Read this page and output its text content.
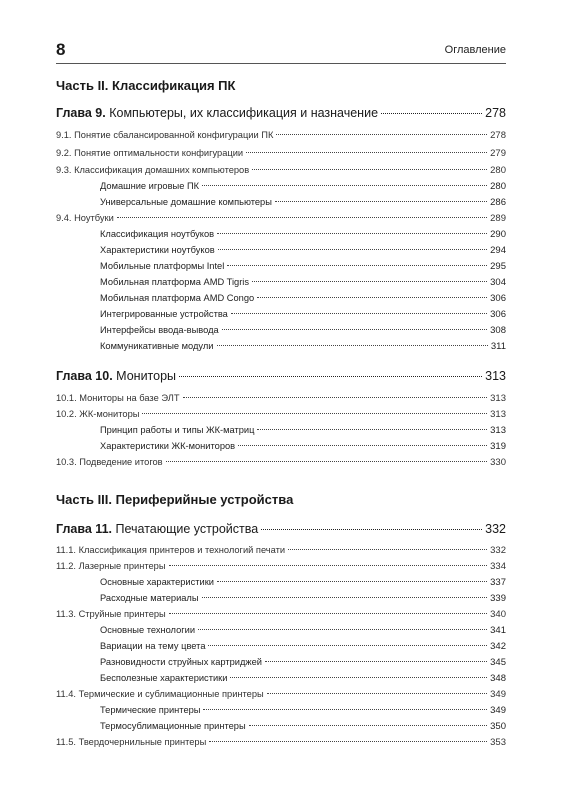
8	Оглавление
Часть II. Классификация ПК
Глава 9. Компьютеры, их классификация и назначение	278
9.1. Понятие сбалансированной конфигурации ПК	278
9.2. Понятие оптимальности конфигурации	279
9.3. Классификация домашних компьютеров	280
Домашние игровые ПК	280
Универсальные домашние компьютеры	286
9.4. Ноутбуки	289
Классификация ноутбуков	290
Характеристики ноутбуков	294
Мобильные платформы Intel	295
Мобильная платформа AMD Tigris	304
Мобильная платформа AMD Congo	306
Интегрированные устройства	306
Интерфейсы ввода-вывода	308
Коммуникативные модули	311
Глава 10. Мониторы	313
10.1. Мониторы на базе ЭЛТ	313
10.2. ЖК-мониторы	313
Принцип работы и типы ЖК-матриц	313
Характеристики ЖК-мониторов	319
10.3. Подведение итогов	330
Часть III. Периферийные устройства
Глава 11. Печатающие устройства	332
11.1. Классификация принтеров и технологий печати	332
11.2. Лазерные принтеры	334
Основные характеристики	337
Расходные материалы	339
11.3. Струйные принтеры	340
Основные технологии	341
Вариации на тему цвета	342
Разновидности струйных картриджей	345
Бесполезные характеристики	348
11.4. Термические и сублимационные принтеры	349
Термические принтеры	349
Термосублимационные принтеры	350
11.5. Твердочернильные принтеры	353
